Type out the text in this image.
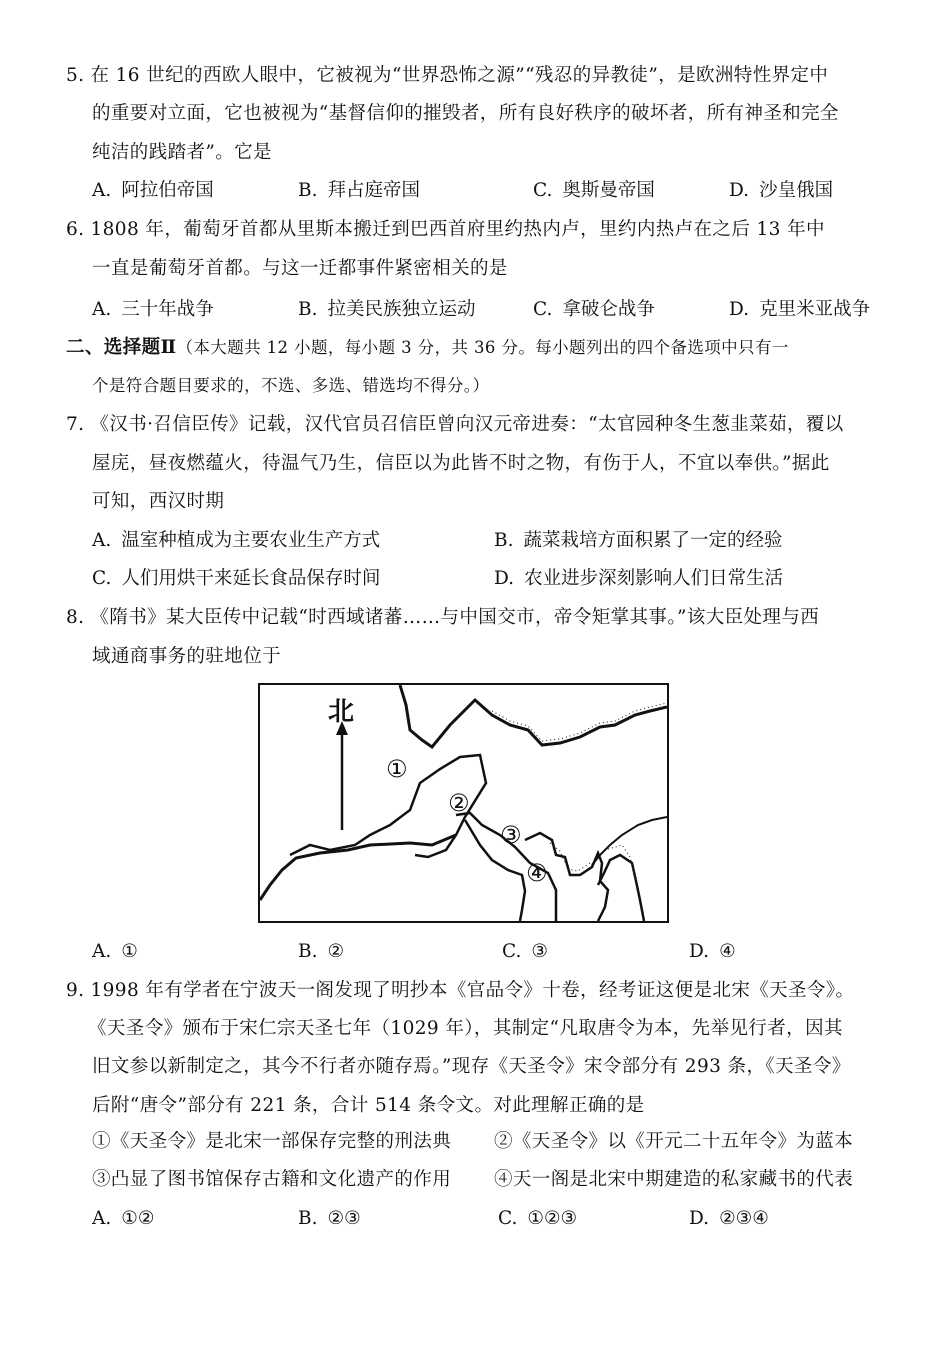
5. 在 16 世纪的西欧人眼中，它被视为“世界恐怖之源”“残忍的异教徒”，是欧洲特性界定中
的重要对立面，它也被视为“基督信仰的摧毁者，所有良好秩序的破坏者，所有神圣和完全
纯洁的践踏者”。它是
A. 阿拉伯帝国	B. 拜占庭帝国	C. 奥斯曼帝国	D. 沙皇俄国
6. 1808 年，葡萄牙首都从里斯本搬迁到巴西首府里约热内卢，里约内热卢在之后 13 年中
一直是葡萄牙首都。与这一迁都事件紧密相关的是
A. 三十年战争	B. 拉美民族独立运动	C. 拿破仑战争	D. 克里米亚战争
二、选择题Ⅱ（本大题共 12 小题，每小题 3 分，共 36 分。每小题列出的四个备选项中只有一
个是符合题目要求的，不选、多选、错选均不得分。）
7. 《汉书·召信臣传》记载，汉代官员召信臣曾向汉元帝进奏：“太官园种冬生葱韭菜茹，覆以
屋庑，昼夜燃蕴火，待温气乃生，信臣以为此皆不时之物，有伤于人，不宜以奉供。”据此
可知，西汉时期
A. 温室种植成为主要农业生产方式	B. 蔬菜栽培方面积累了一定的经验
C. 人们用烘干来延长食品保存时间	D. 农业进步深刻影响人们日常生活
8. 《隋书》某大臣传中记载“时西域诸蕃……与中国交市，帝令矩掌其事。”该大臣处理与西
域通商事务的驻地位于
北
①
②
③
④
A. ①	B. ②	C. ③	D. ④
9. 1998 年有学者在宁波天一阁发现了明抄本《官品令》十卷，经考证这便是北宋《天圣令》。
《天圣令》颁布于宋仁宗天圣七年（1029 年），其制定“凡取唐令为本，先举见行者，因其
旧文参以新制定之，其今不行者亦随存焉。”现存《天圣令》宋令部分有 293 条，《天圣令》
后附“唐令”部分有 221 条，合计 514 条令文。对此理解正确的是
①《天圣令》是北宋一部保存完整的刑法典 ②《天圣令》以《开元二十五年令》为蓝本
③凸显了图书馆保存古籍和文化遗产的作用 ④天一阁是北宋中期建造的私家藏书的代表
A. ①②	B. ②③	C. ①②③	D. ②③④
